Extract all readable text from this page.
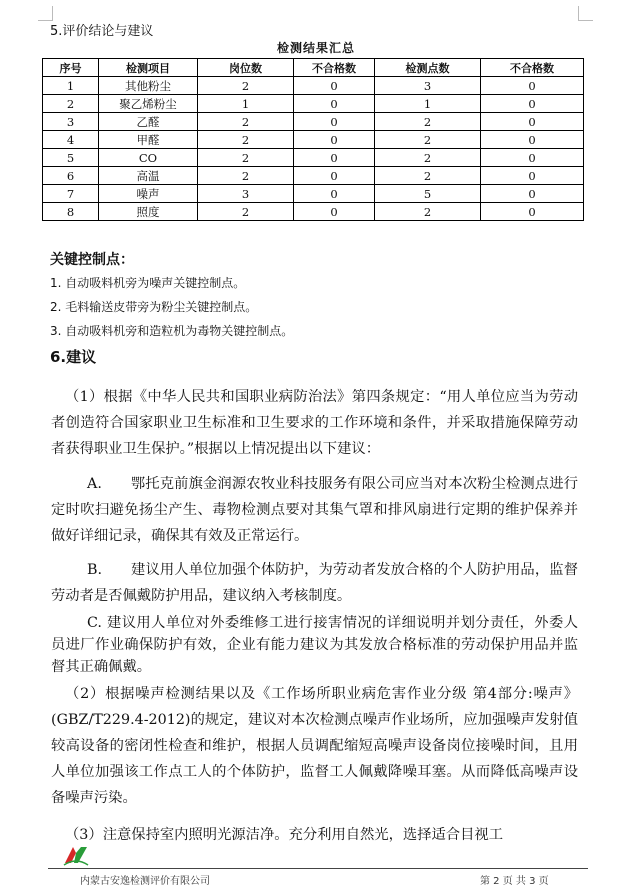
5.评价结论与建议
检测结果汇总
序号	检测项目	岗位数	不合格数	检测点数	不合格数
1	其他粉尘	2	0	3	0
2	聚乙烯粉尘	1	0	1	0
3	乙醛	2	0	2	0
4	甲醛	2	0	2	0
5	CO	2	0	2	0
6	高温	2	0	2	0
7	噪声	3	0	5	0
8	照度	2	0	2	0
关键控制点：
1. 自动吸料机旁为噪声关键控制点。
2. 毛料输送皮带旁为粉尘关键控制点。
3. 自动吸料机旁和造粒机为毒物关键控制点。
6.建议
（1）根据《中华人民共和国职业病防治法》第四条规定：“用人单位应当为劳动者创造符合国家职业卫生标准和卫生要求的工作环境和条件，并采取措施保障劳动者获得职业卫生保护。”根据以上情况提出以下建议：
A.　　鄂托克前旗金润源农牧业科技服务有限公司应当对本次粉尘检测点进行定时吹扫避免扬尘产生、毒物检测点要对其集气罩和排风扇进行定期的维护保养并做好详细记录，确保其有效及正常运行。
B.　　建议用人单位加强个体防护，为劳动者发放合格的个人防护用品，监督劳动者是否佩戴防护用品，建议纳入考核制度。
C. 建议用人单位对外委维修工进行接害情况的详细说明并划分责任，外委人员进厂作业确保防护有效，企业有能力建议为其发放合格标准的劳动保护用品并监督其正确佩戴。
（2）根据噪声检测结果以及《工作场所职业病危害作业分级 第4部分:噪声》(GBZ/T229.4-2012)的规定，建议对本次检测点噪声作业场所，应加强噪声发射值较高设备的密闭性检查和维护，根据人员调配缩短高噪声设备岗位接噪时间，且用人单位加强该工作点工人的个体防护，监督工人佩戴降噪耳塞。从而降低高噪声设备噪声污染。
（3）注意保持室内照明光源洁净。充分利用自然光，选择适合目视工
内蒙古安逸检测评价有限公司	第 2 页 共 3 页
